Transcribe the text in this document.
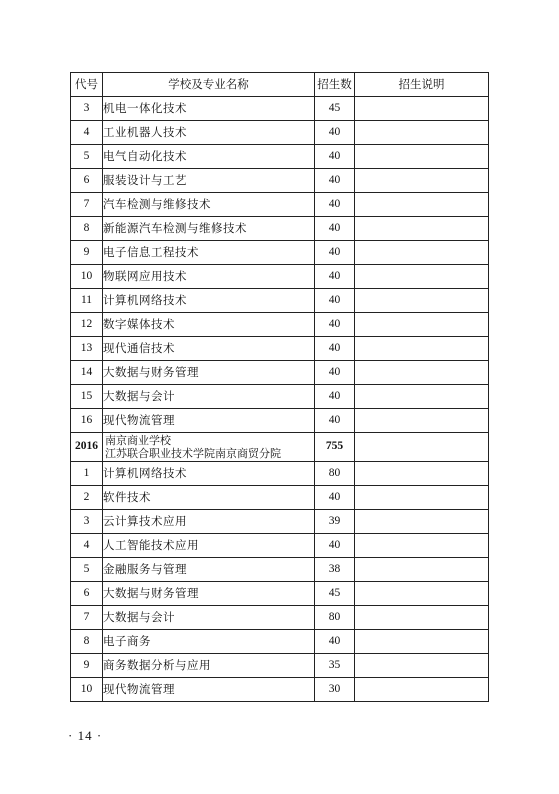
代号	学校及专业名称	招生数	招生说明
3	机电一体化技术	45	
4	工业机器人技术	40	
5	电气自动化技术	40	
6	服装设计与工艺	40	
7	汽车检测与维修技术	40	
8	新能源汽车检测与维修技术	40	
9	电子信息工程技术	40	
10	物联网应用技术	40	
11	计算机网络技术	40	
12	数字媒体技术	40	
13	现代通信技术	40	
14	大数据与财务管理	40	
15	大数据与会计	40	
16	现代物流管理	40	
2016	南京商业学校
江苏联合职业技术学院南京商贸分院	755	
1	计算机网络技术	80	
2	软件技术	40	
3	云计算技术应用	39	
4	人工智能技术应用	40	
5	金融服务与管理	38	
6	大数据与财务管理	45	
7	大数据与会计	80	
8	电子商务	40	
9	商务数据分析与应用	35	
10	现代物流管理	30	
· 14 ·
